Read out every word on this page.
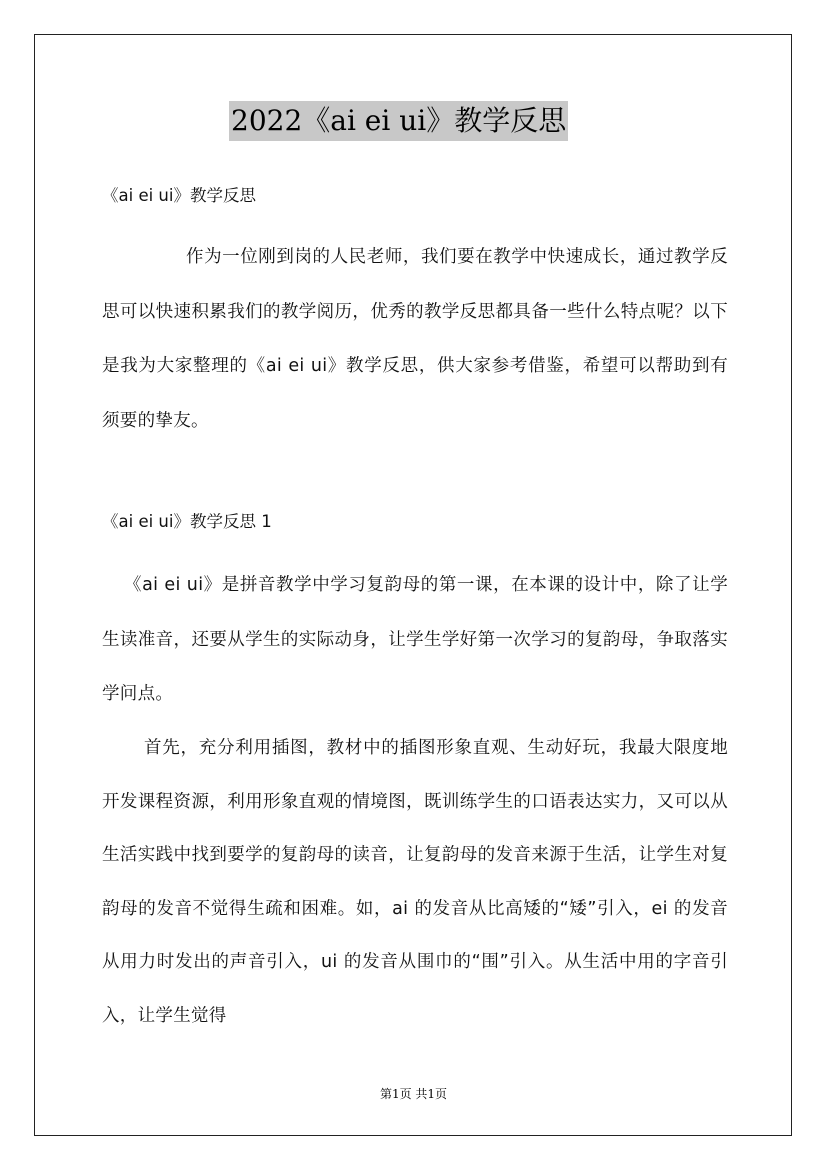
2022《ai ei ui》教学反思
《ai ei ui》教学反思

作为一位刚到岗的人民老师，我们要在教学中快速成长，通过教学反思可以快速积累我们的教学阅历，优秀的教学反思都具备一些什么特点呢？以下是我为大家整理的《ai ei ui》教学反思，供大家参考借鉴，希望可以帮助到有须要的挚友。

《ai ei ui》教学反思 1

《ai ei ui》是拼音教学中学习复韵母的第一课，在本课的设计中，除了让学生读准音，还要从学生的实际动身，让学生学好第一次学习的复韵母，争取落实学问点。

首先，充分利用插图，教材中的插图形象直观、生动好玩，我最大限度地开发课程资源，利用形象直观的情境图，既训练学生的口语表达实力，又可以从生活实践中找到要学的复韵母的读音，让复韵母的发音来源于生活，让学生对复韵母的发音不觉得生疏和困难。如，ai 的发音从比高矮的“矮”引入，ei 的发音从用力时发出的声音引入，ui 的发音从围巾的“围”引入。从生活中用的字音引入，让学生觉得

第1页 共1页
